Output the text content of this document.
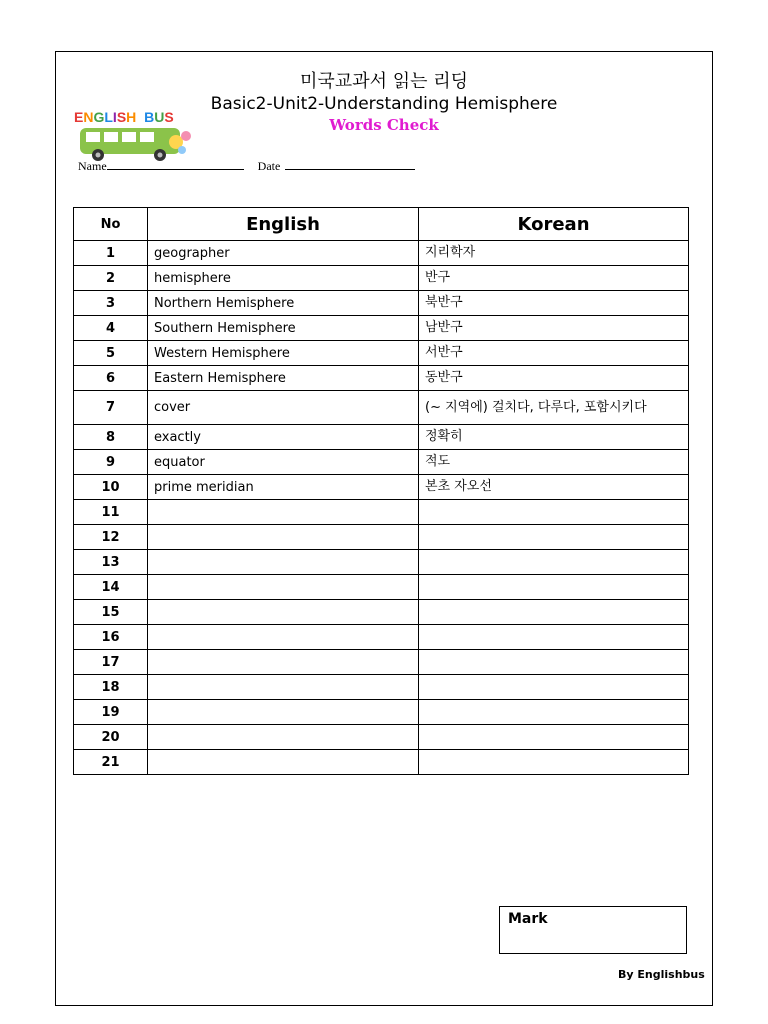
미국교과서 읽는 리딩
Basic2-Unit2-Understanding Hemisphere
Words Check
ENGLISH BUS
Name	Date
No	English	Korean
1	geographer	지리학자
2	hemisphere	반구
3	Northern Hemisphere	북반구
4	Southern Hemisphere	남반구
5	Western Hemisphere	서반구
6	Eastern Hemisphere	동반구
7	cover	(~ 지역에) 걸치다, 다루다, 포함시키다
8	exactly	정확히
9	equator	적도
10	prime meridian	본초 자오선
11		
12		
13		
14		
15		
16		
17		
18		
19		
20		
21		
Mark
By Englishbus
